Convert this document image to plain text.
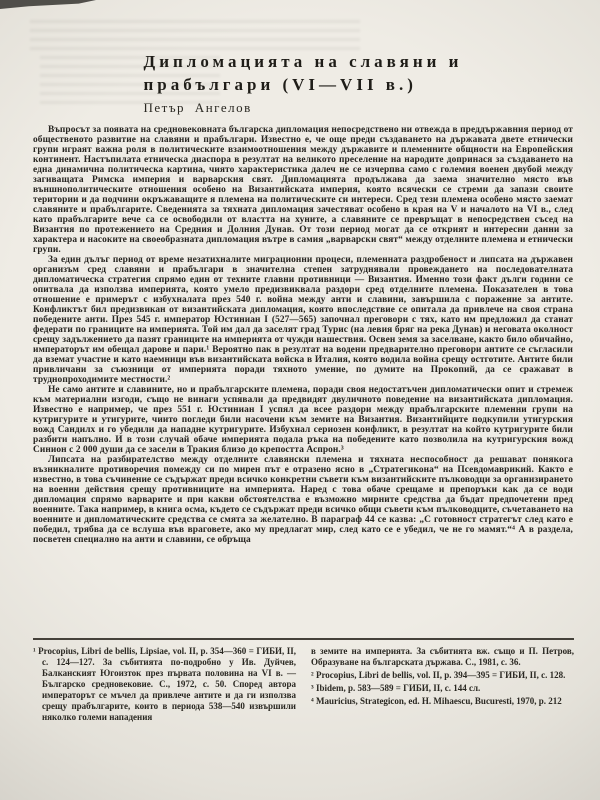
Дипломацията на славяни и
прабългари (VI—VII в.)
Петър Ангелов

Въпросът за появата на средновековната българска дипломация непосредствено ни отвежда в преддържавния период от общественото развитие на славяни и прабългари. Известно е, че още преди създаването на държавата двете етнически групи играят важна роля в политическите взаимоотношения между държавите и племенните общности на Европейския континент. Настъпилата етническа диаспора в резултат на великото преселение на народите допринася за създаването на една динамична политическа картина, чиято характеристика далеч не се изчерпва само с големия военен двубой между загиващата Римска империя и варварския свят. Дипломацията продължава да заема значително място във външнополитическите отношения особено на Византийската империя, която всячески се стреми да запази своите територии и да подчини окръжаващите я племена на политическите си интереси. Сред тези племена особено място заемат славяните и прабългарите. Сведенията за тяхната дипломация зачестяват особено в края на V и началото на VI в., след като прабългарите вече са се освободили от властта на хуните, а славяните се превръщат в непосредствен съсед на Византия по протежението на Средния и Долния Дунав. От този период могат да се открият и интересни данни за характера и насоките на своеобразната дипломация вътре в самия „варварски свят“ между отделните племена и етнически групи.

За един дълъг период от време незатихналите миграционни процеси, племенната раздробеност и липсата на държавен организъм сред славяни и прабългари в значителна степен затруднявали провеждането на последователната дипломатическа стратегия спрямо един от техните главни противници — Византия. Именно този факт дълги години се опитвала да използва империята, която умело предизвиквала раздори сред отделните племена. Показателен в това отношение е примерът с избухналата през 540 г. война между анти и славини, завършила с поражение за антите. Конфликтът бил предизвикан от византийската дипломация, която впоследствие се опитала да привлече на своя страна победените анти. През 545 г. император Юстиниан I (527—565) започнал преговори с тях, като им предложил да станат федерати по границите на империята. Той им дал да заселят град Турис (на левия бряг на река Дунав) и неговата околност срещу задължението да пазят границите на империята от чужди нашествия. Освен земя за заселване, както било обичайно, императорът им обещал дарове и пари.¹ Вероятно пак в резултат на водени предварително преговори антите се съгласили да вземат участие и като наемници във византийската войска в Италия, която водила война срещу остготите. Антите били привличани за съюзници от империята поради тяхното умение, по думите на Прокопий, да се сражават в труднопроходимите местности.²

Не само антите и славините, но и прабългарските племена, поради своя недостатъчен дипломатически опит и стремеж към материални изгоди, също не винаги успявали да предвидят двуличното поведение на византийската дипломация. Известно е например, че през 551 г. Юстиниан I успял да всее раздори между прабългарските племенни групи на кутригурите и утигурите, чиито погледи били насочени към земите на Византия. Византийците подкупили утигурския вожд Сандилх и го убедили да нападне кутригурите. Избухнал сериозен конфликт, в резултат на който кутригурите били разбити напълно. И в този случай обаче империята подала ръка на победените като позволила на кутригурския вожд Синион с 2 000 души да се засели в Тракия близо до крепостта Аспрон.³

Липсата на разбирателство между отделните славянски племена и тяхната неспособност да решават понякога възникналите противоречия помежду си по мирен път е отразено ясно в „Стратегикона“ на Псевдомаврикий. Както е известно, в това съчинение се съдържат преди всичко конкретни съвети към византийските пълководци за организирането на военни действия срещу противниците на империята. Наред с това обаче срещаме и препоръки как да се води дипломация спрямо варварите и при какви обстоятелства е възможно мирните средства да бъдат предпочетени пред военните. Така например, в книга осма, където се съдържат преди всичко общи съвети към пълководците, съчетаването на военните и дипломатическите средства се смята за желателно. В параграф 44 се казва: „С готовност стратегът след като е победил, трябва да се вслуша във враговете, ако му предлагат мир, след като се е убедил, че не го мамят.“⁴ А в раздела, посветен специално на анти и славини, се обръща

¹ Procopius, Libri de bellis, Lipsiae, vol. II, p. 354—360 = ГИБИ, II, с. 124—127. За събитията по-подробно у Ив. Дуйчев, Балканският Югоизток през първата половина на VI в. — Българско средновековие. С., 1972, с. 50. Според автора императорът се мъчел да привлече антите и да ги използва срещу прабългарите, които в периода 538—540 извършили няколко големи нападения

в земите на империята. За събитията вж. също и П. Петров, Образуване на българската държава. С., 1981, с. 36.

² Procopius, Libri de bellis, vol. II, p. 394—395 = ГИБИ, II, с. 128.

³ Ibidem, p. 583—589 = ГИБИ, II, с. 144 сл.

⁴ Mauricius, Strategicon, ed. H. Mihaescu, Bucuresti, 1970, p. 212
